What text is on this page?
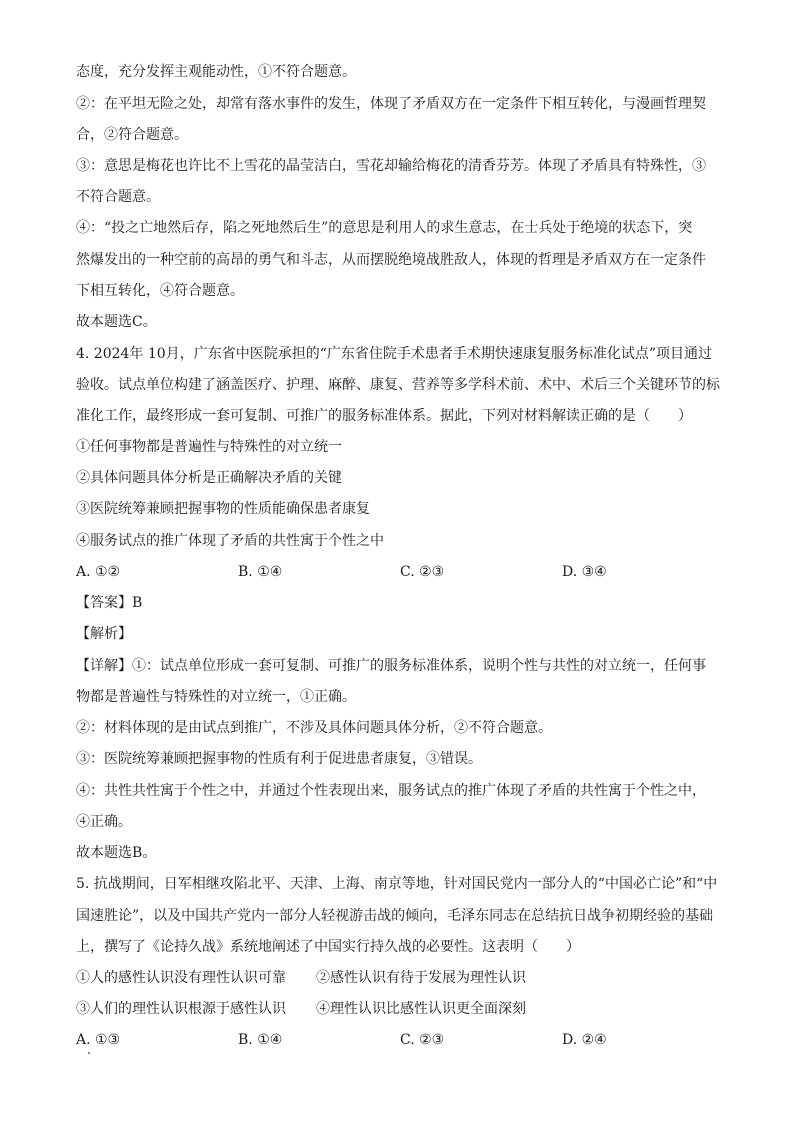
态度，充分发挥主观能动性，①不符合题意。
②：在平坦无险之处，却常有落水事件的发生，体现了矛盾双方在一定条件下相互转化，与漫画哲理契
合，②符合题意。
③：意思是梅花也许比不上雪花的晶莹洁白，雪花却输给梅花的清香芬芳。体现了矛盾具有特殊性，③
不符合题意。
④：“投之亡地然后存，陷之死地然后生”的意思是利用人的求生意志，在士兵处于绝境的状态下，突
然爆发出的一种空前的高昂的勇气和斗志，从而摆脱绝境战胜敌人，体现的哲理是矛盾双方在一定条件
下相互转化，④符合题意。
故本题选C。
4. 2024年 10月，广东省中医院承担的“广东省住院手术患者手术期快速康复服务标准化试点”项目通过
验收。试点单位构建了涵盖医疗、护理、麻醉、康复、营养等多学科术前、术中、术后三个关键环节的标
准化工作，最终形成一套可复制、可推广的服务标准体系。据此，下列对材料解读正确的是（　　）
①任何事物都是普遍性与特殊性的对立统一
②具体问题具体分析是正确解决矛盾的关键
③医院统筹兼顾把握事物的性质能确保患者康复
④服务试点的推广体现了矛盾的共性寓于个性之中
A. ①②	B. ①④	C. ②③	D. ③④
【答案】B
【解析】
【详解】①：试点单位形成一套可复制、可推广的服务标准体系，说明个性与共性的对立统一，任何事
物都是普遍性与特殊性的对立统一，①正确。
②：材料体现的是由试点到推广，不涉及具体问题具体分析，②不符合题意。
③：医院统筹兼顾把握事物的性质有利于促进患者康复，③错误。
④：共性共性寓于个性之中，并通过个性表现出来，服务试点的推广体现了矛盾的共性寓于个性之中，
④正确。
故本题选B。
5. 抗战期间，日军相继攻陷北平、天津、上海、南京等地，针对国民党内一部分人的“中国必亡论”和“中
国速胜论”，以及中国共产党内一部分人轻视游击战的倾向，毛泽东同志在总结抗日战争初期经验的基础
上，撰写了《论持久战》系统地阐述了中国实行持久战的必要性。这表明（　　）
①人的感性认识没有理性认识可靠 ②感性认识有待于发展为理性认识
③人们的理性认识根源于感性认识 ④理性认识比感性认识更全面深刻
A. ①③	B. ①④	C. ②③	D. ②④
